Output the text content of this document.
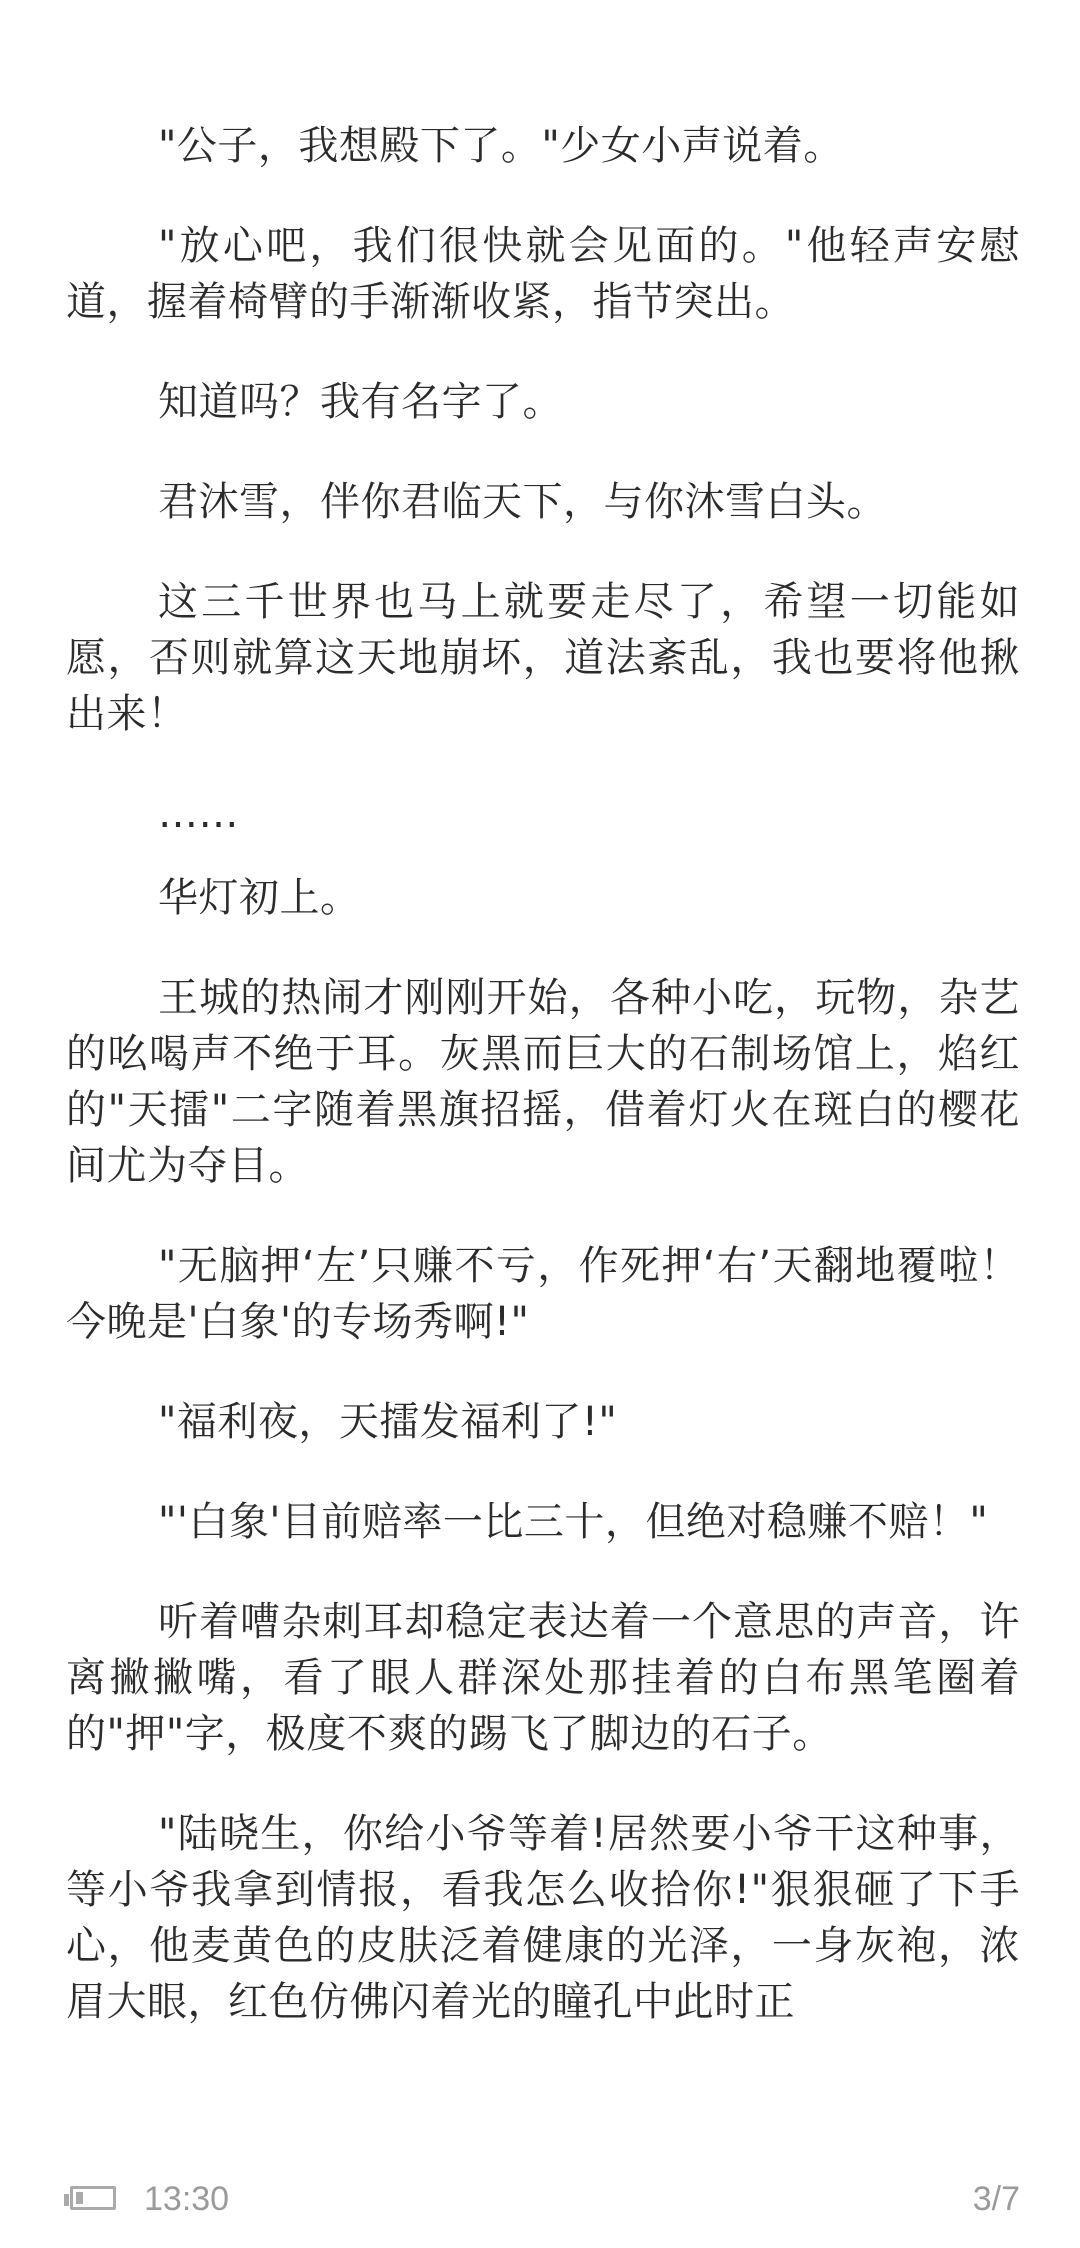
"公子，我想殿下了。"少女小声说着。

"放心吧，我们很快就会见面的。"他轻声安慰道，握着椅臂的手渐渐收紧，指节突出。

知道吗？我有名字了。

君沐雪，伴你君临天下，与你沐雪白头。

这三千世界也马上就要走尽了，希望一切能如愿，否则就算这天地崩坏，道法紊乱，我也要将他揪出来！

……

华灯初上。

王城的热闹才刚刚开始，各种小吃，玩物，杂艺的吆喝声不绝于耳。灰黑而巨大的石制场馆上，焰红的"天擂"二字随着黑旗招摇，借着灯火在斑白的樱花间尤为夺目。

"无脑押‘左’只赚不亏，作死押‘右’天翻地覆啦！今晚是'白象'的专场秀啊!"

"福利夜，天擂发福利了!"

"'白象'目前赔率一比三十，但绝对稳赚不赔！"

听着嘈杂刺耳却稳定表达着一个意思的声音，许离撇撇嘴，看了眼人群深处那挂着的白布黑笔圈着的"押"字，极度不爽的踢飞了脚边的石子。

"陆晓生，你给小爷等着!居然要小爷干这种事，等小爷我拿到情报，看我怎么收拾你!"狠狠砸了下手心，他麦黄色的皮肤泛着健康的光泽，一身灰袍，浓眉大眼，红色仿佛闪着光的瞳孔中此时正

13:30	3/7
